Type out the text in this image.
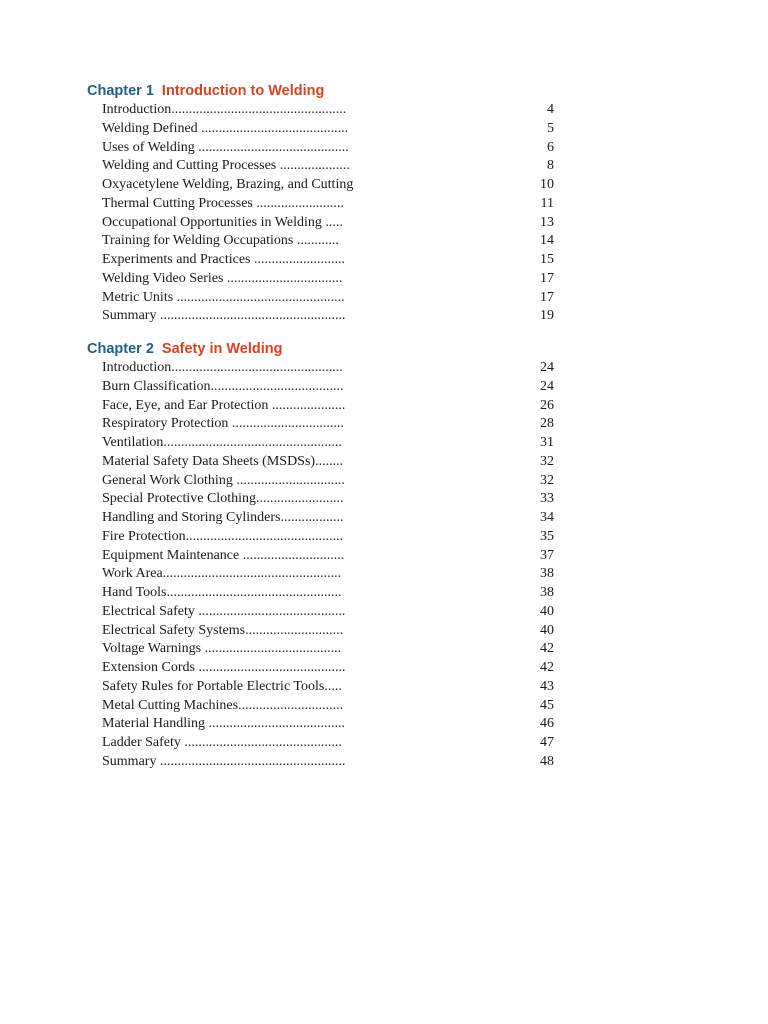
Chapter 1 Introduction to Welding
Introduction..................................................	4
Welding Defined ..........................................	5
Uses of Welding ...........................................	6
Welding and Cutting Processes ....................	8
Oxyacetylene Welding, Brazing, and Cutting	10
Thermal Cutting Processes .........................	11
Occupational Opportunities in Welding .....	13
Training for Welding Occupations ............	14
Experiments and Practices ..........................	15
Welding Video Series .................................	17
Metric Units ................................................	17
Summary .....................................................	19
Chapter 2 Safety in Welding
Introduction.................................................	24
Burn Classification......................................	24
Face, Eye, and Ear Protection .....................	26
Respiratory Protection ................................	28
Ventilation...................................................	31
Material Safety Data Sheets (MSDSs)........	32
General Work Clothing ...............................	32
Special Protective Clothing.........................	33
Handling and Storing Cylinders..................	34
Fire Protection.............................................	35
Equipment Maintenance .............................	37
Work Area...................................................	38
Hand Tools..................................................	38
Electrical Safety ..........................................	40
Electrical Safety Systems............................	40
Voltage Warnings .......................................	42
Extension Cords ..........................................	42
Safety Rules for Portable Electric Tools.....	43
Metal Cutting Machines..............................	45
Material Handling .......................................	46
Ladder Safety .............................................	47
Summary .....................................................	48
